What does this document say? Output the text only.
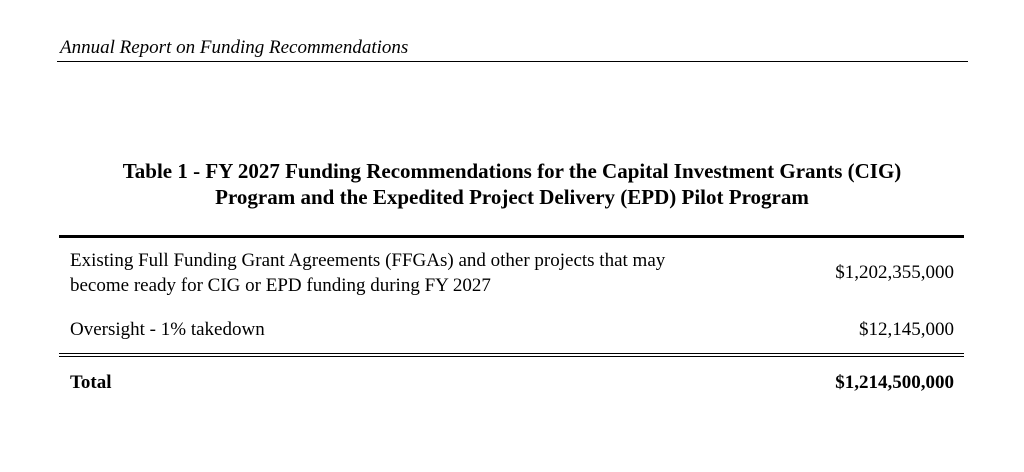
Annual Report on Funding Recommendations
Table 1 - FY 2027 Funding Recommendations for the Capital Investment Grants (CIG)
Program and the Expedited Project Delivery (EPD) Pilot Program
Existing Full Funding Grant Agreements (FFGAs) and other projects that may
become ready for CIG or EPD funding during FY 2027
$1,202,355,000
Oversight - 1% takedown	$12,145,000
Total	$1,214,500,000
